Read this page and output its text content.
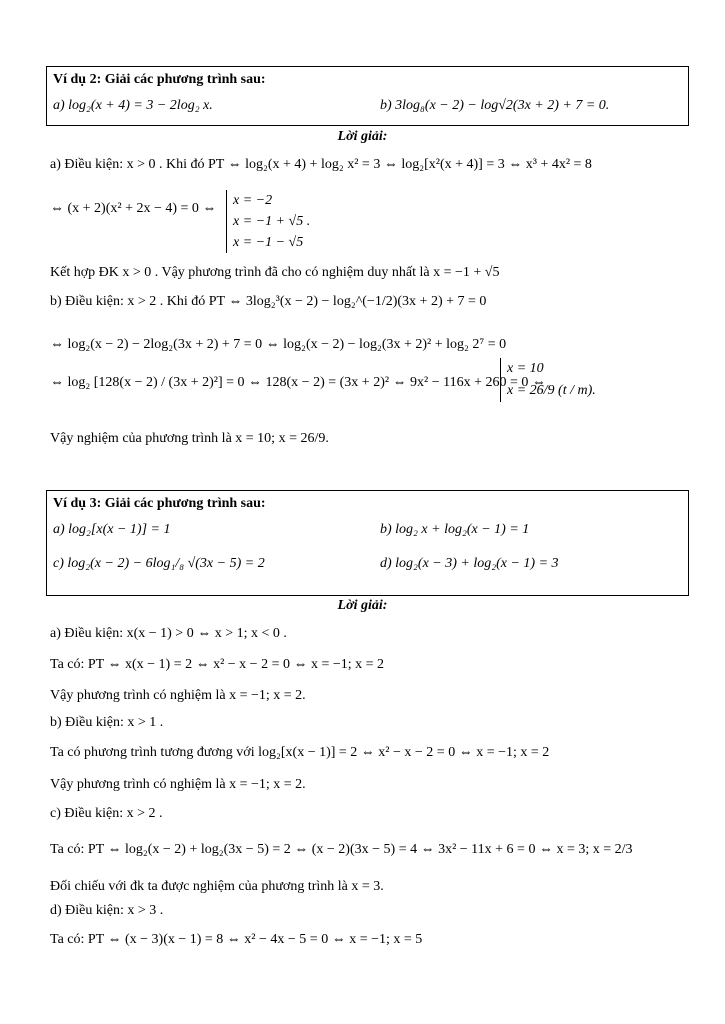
Ví dụ 2: Giải các phương trình sau:
a) log₂(x + 4) = 3 − 2log₂ x.	b) 3log₈(x − 2) − log√2(3x + 2) + 7 = 0.
Lời giải:
a) Điều kiện: x > 0 . Khi đó PT ⇔ log₂(x + 4) + log₂ x² = 3 ⇔ log₂[x²(x + 4)] = 3 ⇔ x³ + 4x² = 8
⇔ (x + 2)(x² + 2x − 4) = 0 ⇔
x = −2
x = −1 + √5 .
x = −1 − √5
Kết hợp ĐK x > 0 . Vậy phương trình đã cho có nghiệm duy nhất là x = −1 + √5
b) Điều kiện: x > 2 . Khi đó PT ⇔ 3log₂³(x − 2) − log₂^(−1/2)(3x + 2) + 7 = 0
⇔ log₂(x − 2) − 2log₂(3x + 2) + 7 = 0 ⇔ log₂(x − 2) − log₂(3x + 2)² + log₂ 2⁷ = 0
⇔ log₂ [128(x − 2) / (3x + 2)²] = 0 ⇔ 128(x − 2) = (3x + 2)² ⇔ 9x² − 116x + 260 = 0 ⇔
x = 10
x = 26/9 (t / m).
Vậy nghiệm của phương trình là x = 10; x = 26/9.
Ví dụ 3: Giải các phương trình sau:
a) log₂[x(x − 1)] = 1	b) log₂ x + log₂(x − 1) = 1
c) log₂(x − 2) − 6log₁/₈ √(3x − 5) = 2	d) log₂(x − 3) + log₂(x − 1) = 3
Lời giải:
a) Điều kiện: x(x − 1) > 0 ⇔ x > 1; x < 0 .
Ta có: PT ⇔ x(x − 1) = 2 ⇔ x² − x − 2 = 0 ⇔ x = −1; x = 2
Vậy phương trình có nghiệm là x = −1; x = 2.
b) Điều kiện: x > 1 .
Ta có phương trình tương đương với log₂[x(x − 1)] = 2 ⇔ x² − x − 2 = 0 ⇔ x = −1; x = 2
Vậy phương trình có nghiệm là x = −1; x = 2.
c) Điều kiện: x > 2 .
Ta có: PT ⇔ log₂(x − 2) + log₂(3x − 5) = 2 ⇔ (x − 2)(3x − 5) = 4 ⇔ 3x² − 11x + 6 = 0 ⇔ x = 3; x = 2/3
Đối chiếu với đk ta được nghiệm của phương trình là x = 3.
d) Điều kiện: x > 3 .
Ta có: PT ⇔ (x − 3)(x − 1) = 8 ⇔ x² − 4x − 5 = 0 ⇔ x = −1; x = 5
